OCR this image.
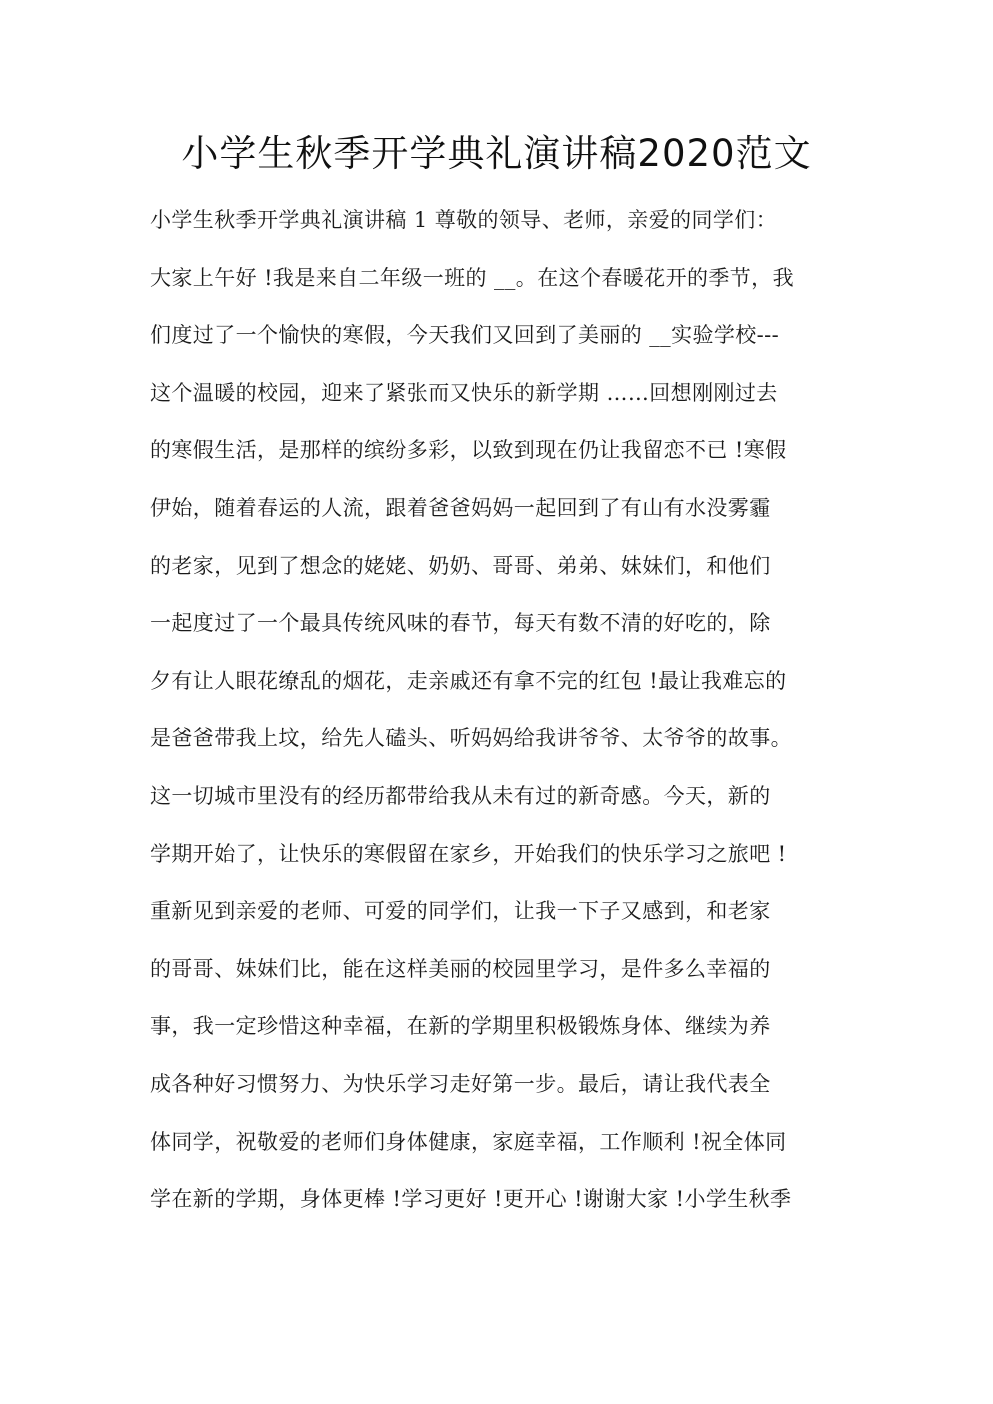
小学生秋季开学典礼演讲稿2020范文
小学生秋季开学典礼演讲稿 1 尊敬的领导、老师，亲爱的同学们：
大家上午好 !我是来自二年级一班的 __。在这个春暖花开的季节，我
们度过了一个愉快的寒假，今天我们又回到了美丽的 __实验学校---
这个温暖的校园，迎来了紧张而又快乐的新学期 ……回想刚刚过去
的寒假生活，是那样的缤纷多彩，以致到现在仍让我留恋不已 !寒假
伊始，随着春运的人流，跟着爸爸妈妈一起回到了有山有水没雾霾
的老家，见到了想念的姥姥、奶奶、哥哥、弟弟、妹妹们，和他们
一起度过了一个最具传统风味的春节，每天有数不清的好吃的，除
夕有让人眼花缭乱的烟花，走亲戚还有拿不完的红包 !最让我难忘的
是爸爸带我上坟，给先人磕头、听妈妈给我讲爷爷、太爷爷的故事。
这一切城市里没有的经历都带给我从未有过的新奇感。今天，新的
学期开始了，让快乐的寒假留在家乡，开始我们的快乐学习之旅吧 !
重新见到亲爱的老师、可爱的同学们，让我一下子又感到，和老家
的哥哥、妹妹们比，能在这样美丽的校园里学习，是件多么幸福的
事，我一定珍惜这种幸福，在新的学期里积极锻炼身体、继续为养
成各种好习惯努力、为快乐学习走好第一步。最后，请让我代表全
体同学，祝敬爱的老师们身体健康，家庭幸福，工作顺利 !祝全体同
学在新的学期，身体更棒 !学习更好 !更开心 !谢谢大家 !小学生秋季
